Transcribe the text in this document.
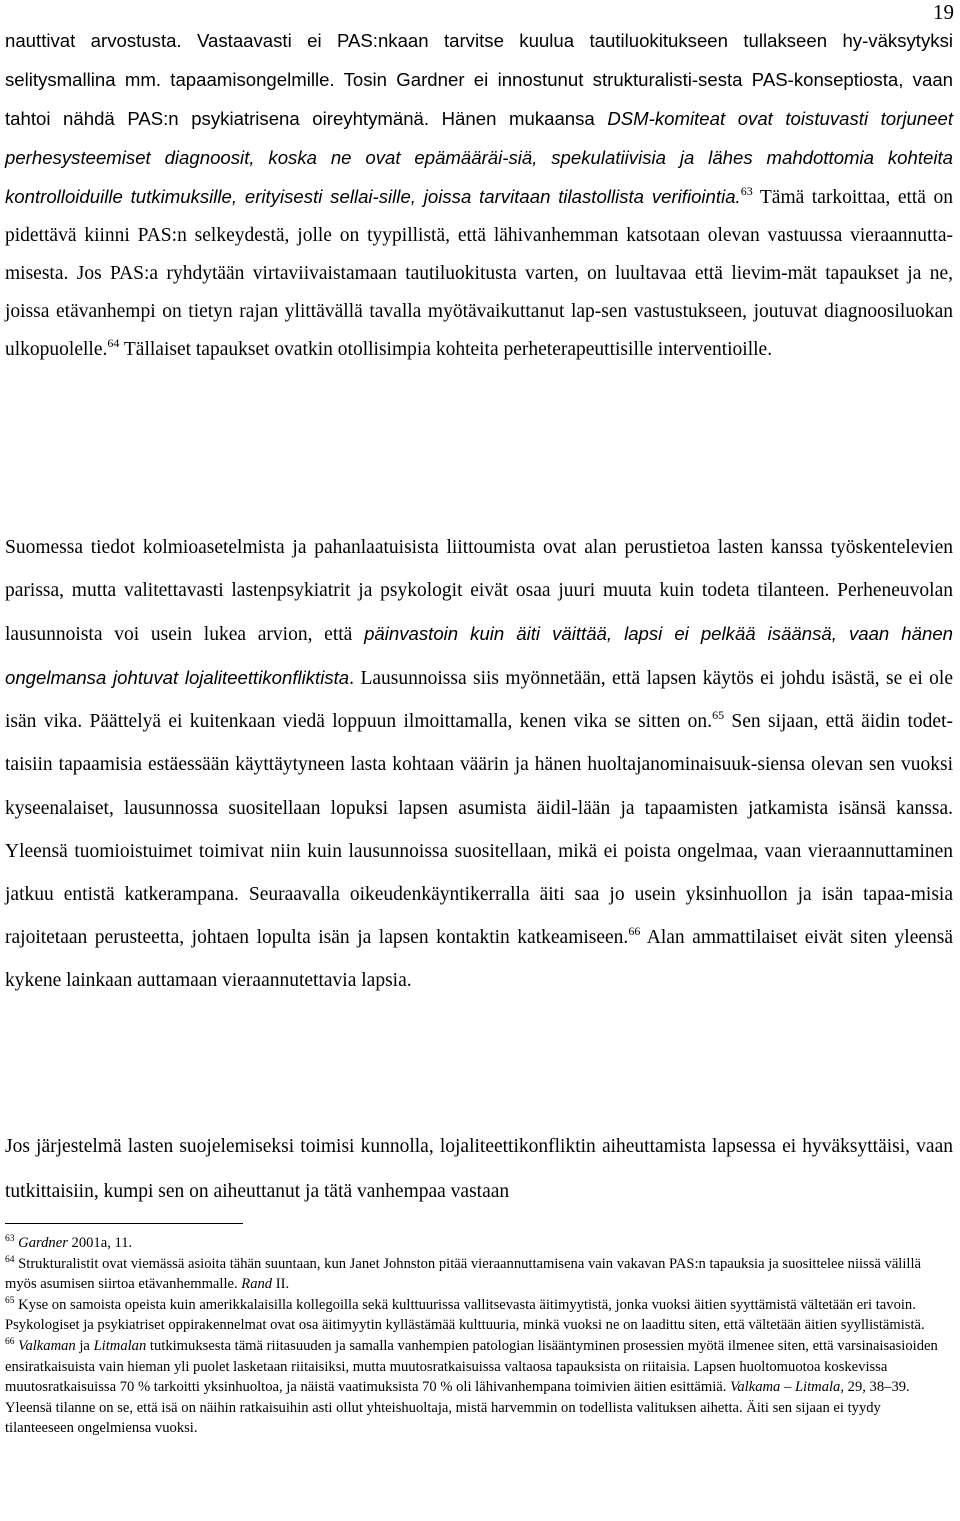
19

nauttivat arvostusta. Vastaavasti ei PAS:nkaan tarvitse kuulua tautiluokitukseen tullakseen hy-väksytyksi selitysmallina mm. tapaamisongelmille. Tosin Gardner ei innostunut strukturalisti-sesta PAS-konseptiosta, vaan tahtoi nähdä PAS:n psykiatrisena oireyhtymänä. Hänen mukaansa DSM-komiteat ovat toistuvasti torjuneet perhesysteemiset diagnoosit, koska ne ovat epämääräi-siä, spekulatiivisia ja lähes mahdottomia kohteita kontrolloiduille tutkimuksille, erityisesti sellai-sille, joissa tarvitaan tilastollista verifiointia.$^{63}$ Tämä tarkoittaa, että on pidettävä kiinni PAS:n selkeydestä, jolle on tyypillistä, että lähivanhemman katsotaan olevan vastuussa vieraannutta-misesta. Jos PAS:a ryhdytään virtaviivaistamaan tautiluokitusta varten, on luultavaa että lievim-mät tapaukset ja ne, joissa etävanhempi on tietyn rajan ylittävällä tavalla myötävaikuttanut lap-sen vastustukseen, joutuvat diagnoosiluokan ulkopuolelle.$^{64}$ Tällaiset tapaukset ovatkin otollisimpia kohteita perheterapeuttisille interventioille.

Suomessa tiedot kolmioasetelmista ja pahanlaatuisista liittoumista ovat alan perustietoa lasten kanssa työskentelevien parissa, mutta valitettavasti lastenpsykiatrit ja psykologit eivät osaa juuri muuta kuin todeta tilanteen. Perheneuvolan lausunnoista voi usein lukea arvion, että päinvastoin kuin äiti väittää, lapsi ei pelkää isäänsä, vaan hänen ongelmansa johtuvat lojaliteettikonfliktista. Lausunnoissa siis myönnetään, että lapsen käytös ei johdu isästä, se ei ole isän vika. Päättelyä ei kuitenkaan viedä loppuun ilmoittamalla, kenen vika se sitten on.$^{65}$ Sen sijaan, että äidin todet-taisiin tapaamisia estäessään käyttäytyneen lasta kohtaan väärin ja hänen huoltajanominaisuuk-siensa olevan sen vuoksi kyseenalaiset, lausunnossa suositellaan lopuksi lapsen asumista äidil-lään ja tapaamisten jatkamista isänsä kanssa. Yleensä tuomioistuimet toimivat niin kuin lausunnoissa suositellaan, mikä ei poista ongelmaa, vaan vieraannuttaminen jatkuu entistä katkerampana. Seuraavalla oikeudenkäyntikerralla äiti saa jo usein yksinhuollon ja isän tapaa-misia rajoitetaan perusteetta, johtaen lopulta isän ja lapsen kontaktin katkeamiseen.$^{66}$ Alan ammattilaiset eivät siten yleensä kykene lainkaan auttamaan vieraannutettavia lapsia.

Jos järjestelmä lasten suojelemiseksi toimisi kunnolla, lojaliteettikonfliktin aiheuttamista lapsessa ei hyväksyttäisi, vaan tutkittaisiin, kumpi sen on aiheuttanut ja tätä vanhempaa vastaan

$^{63}$ Gardner 2001a, 11.

$^{64}$ Strukturalistit ovat viemässä asioita tähän suuntaan, kun Janet Johnston pitää vieraannuttamisena vain vakavan PAS:n tapauksia ja suosittelee niissä välillä myös asumisen siirtoa etävanhemmalle. Rand II.

$^{65}$ Kyse on samoista opeista kuin amerikkalaisilla kollegoilla sekä kulttuurissa vallitsevasta äitimyytistä, jonka vuoksi äitien syyttämistä vältetään eri tavoin. Psykologiset ja psykiatriset oppirakennelmat ovat osa äitimyytin kyllästämää kulttuuria, minkä vuoksi ne on laadittu siten, että vältetään äitien syyllistämistä.

$^{66}$ Valkaman ja Litmalan tutkimuksesta tämä riitasuuden ja samalla vanhempien patologian lisääntyminen prosessien myötä ilmenee siten, että varsinaisasioiden ensiratkaisuista vain hieman yli puolet lasketaan riitaisiksi, mutta muutosratkaisuissa valtaosa tapauksista on riitaisia. Lapsen huoltomuotoa koskevissa muutosratkaisuissa 70 % tarkoitti yksinhuoltoa, ja näistä vaatimuksista 70 % oli lähivanhempana toimivien äitien esittämiä. Valkama – Litmala, 29, 38–39. Yleensä tilanne on se, että isä on näihin ratkaisuihin asti ollut yhteishuoltaja, mistä harvemmin on todellista valituksen aihetta. Äiti sen sijaan ei tyydy tilanteeseen ongelmiensa vuoksi.
